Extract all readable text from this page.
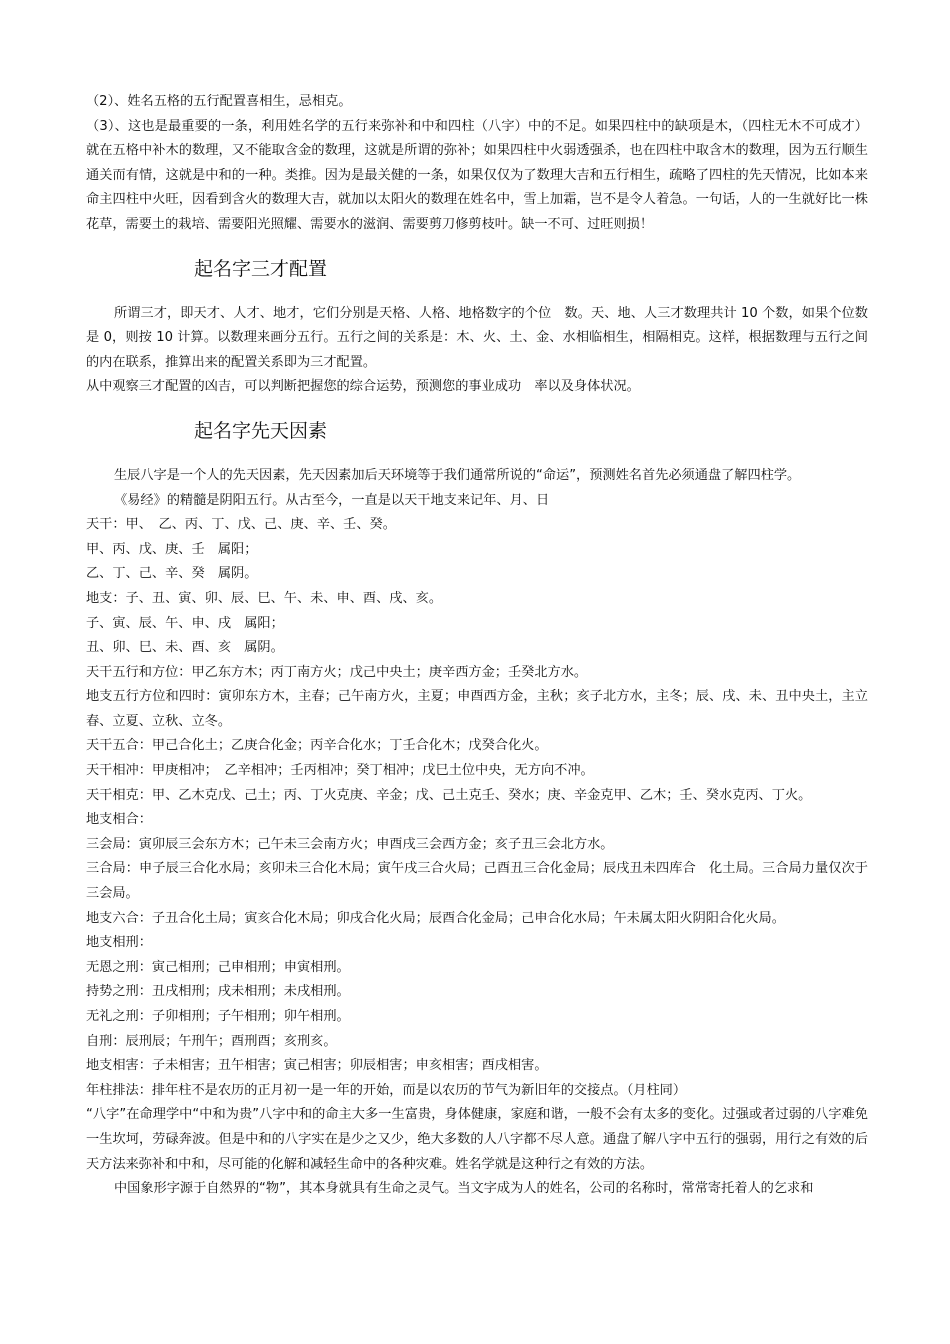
（2）、姓名五格的五行配置喜相生，忌相克。

（3）、这也是最重要的一条，利用姓名学的五行来弥补和中和四柱（八字）中的不足。如果四柱中的缺项是木，（四柱无木不可成才）就在五格中补木的数理，又不能取含金的数理，这就是所谓的弥补；如果四柱中火弱透强杀，也在四柱中取含木的数理，因为五行顺生通关而有情，这就是中和的一种。类推。因为是最关健的一条，如果仅仅为了数理大吉和五行相生，疏略了四柱的先天情况，比如本来命主四柱中火旺，因看到含火的数理大吉，就加以太阳火的数理在姓名中，雪上加霜，岂不是令人着急。一句话，人的一生就好比一株花草，需要土的栽培、需要阳光照耀、需要水的滋润、需要剪刀修剪枝叶。缺一不可、过旺则损！

起名字三才配置

所谓三才，即天才、人才、地才，它们分别是天格、人格、地格数字的个位　数。天、地、人三才数理共计 10 个数，如果个位数是 0，则按 10 计算。以数理来画分五行。五行之间的关系是：木、火、土、金、水相临相生，相隔相克。这样，根据数理与五行之间的内在联系，推算出来的配置关系即为三才配置。

从中观察三才配置的凶吉，可以判断把握您的综合运势，预测您的事业成功　率以及身体状况。

起名字先天因素

生辰八字是一个人的先天因素，先天因素加后天环境等于我们通常所说的“命运”，预测姓名首先必须通盘了解四柱学。

《易经》的精髓是阴阳五行。从古至今，一直是以天干地支来记年、月、日

天干：甲、　乙、丙、丁、戊、己、庚、辛、壬、癸。

甲、丙、戊、庚、壬　属阳；

乙、丁、己、辛、癸　属阴。

地支：子、丑、寅、卯、辰、巳、午、未、申、酉、戌、亥。

子、寅、辰、午、申、戌　属阳；

丑、卯、巳、未、酉、亥　属阴。

天干五行和方位：甲乙东方木；丙丁南方火；戊己中央土；庚辛西方金；壬癸北方水。

地支五行方位和四时：寅卯东方木，主春；己午南方火，主夏；申酉西方金，主秋；亥子北方水，主冬；辰、戌、未、丑中央土，主立春、立夏、立秋、立冬。

天干五合：甲己合化土；乙庚合化金；丙辛合化水；丁壬合化木；戊癸合化火。

天干相冲：甲庚相冲；　乙辛相冲；壬丙相冲；癸丁相冲；戊巳土位中央，无方向不冲。

天干相克：甲、乙木克戊、己土；丙、丁火克庚、辛金；戊、己土克壬、癸水；庚、辛金克甲、乙木；壬、癸水克丙、丁火。

地支相合：

三会局：寅卯辰三会东方木；己午未三会南方火；申酉戌三会西方金；亥子丑三会北方水。

三合局：申子辰三合化水局；亥卯未三合化木局；寅午戌三合火局；己酉丑三合化金局；辰戌丑未四库合　化土局。三合局力量仅次于三会局。

地支六合：子丑合化土局；寅亥合化木局；卯戌合化火局；辰酉合化金局；己申合化水局；午未属太阳火阴阳合化火局。

地支相刑：

无恩之刑：寅己相刑；己申相刑；申寅相刑。

持势之刑：丑戌相刑；戌未相刑；未戌相刑。

无礼之刑：子卯相刑；子午相刑；卯午相刑。

自刑：辰刑辰；午刑午；酉刑酉；亥刑亥。

地支相害：子未相害；丑午相害；寅己相害；卯辰相害；申亥相害；酉戌相害。

年柱排法：排年柱不是农历的正月初一是一年的开始，而是以农历的节气为新旧年的交接点。（月柱同）

“八字”在命理学中“中和为贵”八字中和的命主大多一生富贵，身体健康，家庭和谐，一般不会有太多的变化。过强或者过弱的八字难免一生坎坷，劳碌奔波。但是中和的八字实在是少之又少，绝大多数的人八字都不尽人意。通盘了解八字中五行的强弱，用行之有效的后天方法来弥补和中和，尽可能的化解和减轻生命中的各种灾难。姓名学就是这种行之有效的方法。

中国象形字源于自然界的“物”，其本身就具有生命之灵气。当文字成为人的姓名，公司的名称时，常常寄托着人的乞求和
